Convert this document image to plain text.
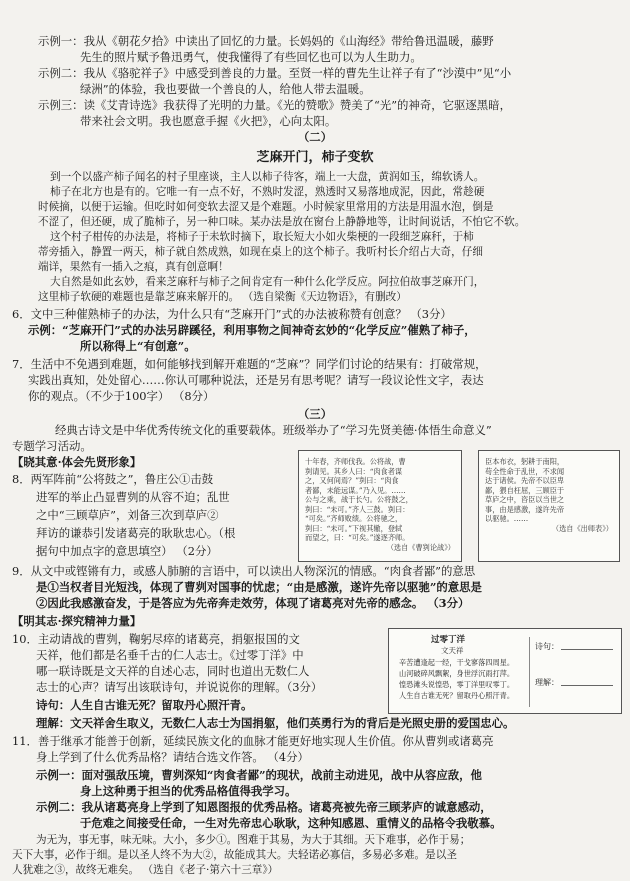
示例一：我从《朝花夕拾》中读出了回忆的力量。长妈妈的《山海经》带给鲁迅温暖，藤野
先生的照片赋予鲁迅勇气，使我懂得了有些回忆也可以为人生助力。
示例二：我从《骆驼祥子》中感受到善良的力量。至贤一样的曹先生让祥子有了“沙漠中”见“小
绿洲”的体验，我也要做一个善良的人，给他人带去温暖。
示例三：读《艾青诗选》我获得了光明的力量。《光的赞歌》赞美了“光”的神奇，它驱逐黑暗，
带来社会文明。我也愿意手握《火把》，心向太阳。
（二）
芝麻开门，柿子变软
到一个以盛产柿子闻名的村子里座谈，主人以柿子待客，端上一大盘，黄润如玉，绵软诱人。
柿子在北方也是有的。它唯一有一点不好，不熟时发涩，熟透时又易落地成泥，因此，常趁硬
时候摘，以便于运输。但吃时如何变软去涩又是个难题。小时候家里常用的方法是用温水泡，倒是
不涩了，但还硬，成了脆柿子，另一种口味。某办法是放在窗台上静静地等，让时间说话，不怕它不软。
这个村子柑传的办法是，将柿子于未软时摘下，取长短大小如火柴梗的一段细芝麻秆，于柿
蒂旁插入，静置一两天，柿子就自然成熟，如现在桌上的这个柿子。我听村长介绍占大奇，仔细
端详，果然有一插入之痕，真有创意啊！
大自然是如此玄妙，看来芝麻秆与柿子之间肯定有一种什么化学反应。阿拉伯故事芝麻开门，
这里柿子软硬的难题也是靠芝麻来解开的。 （选自梁衡《天边物语》，有删改）
6．文中三种催熟柿子的办法，为什么只有“芝麻开门”式的办法被称赞有创意？ （3分）
示例：“芝麻开门”式的办法另辟蹊径，利用事物之间神奇玄妙的“化学反应”催熟了柿子，
所以称得上“有创意”。
7．生活中不免遇到难题，如何能够找到解开难题的“芝麻”？同学们讨论的结果有：打破常规，
实践出真知，处处留心……你认可哪种说法，还是另有思考呢？请写一段议论性文字，表达
你的观点。（不少于100字） （8分）
（三）
经典古诗文是中华优秀传统文化的重要载体。班级举办了“学习先贤美德·体悟生命意义”
专题学习活动。
【晓其意·体会先贤形象】
8．两军阵前“公将鼓之”，鲁庄公①击鼓
进军的举止凸显曹刿的从容不迫；乱世
之中“三顾草庐”，刘备三次到草庐②
拜访的谦恭引发诸葛亮的耿耿忠心。（根
据句中加点字的意思填空） （2分）
十年春，齐师伐我。公将战，曹
刿请见。其乡人曰：“肉食者谋
之，又何间焉？”刿曰：“肉食
者鄙，未能远谋。”乃入见。……
公与之乘，战于长勺。公将鼓之，
刿曰：“未可。”齐人三鼓。刿曰：
“可矣。”齐师败绩。公将驰之，
刿曰：“未可。”下视其辙，登轼
而望之，曰：“可矣。”遂逐齐师。
（选自《曹刿论战》）
臣本布衣，躬耕于南阳，
苟全性命于乱世，不求闻
达于诸侯。先帝不以臣卑
鄙，猥自枉屈，三顾臣于
草庐之中，咨臣以当世之
事，由是感激，遂许先帝
以驱驰。……
（选自《出师表》）
9．从文中或铿锵有力，或感人肺腑的言语中，可以读出人物深沉的情感。“肉食者鄙”的意思
是①当权者目光短浅，体现了曹刿对国事的忧虑；“由是感激，遂许先帝以驱驰”的意思是
②因此我感激奋发，于是答应为先帝奔走效劳，体现了诸葛亮对先帝的感念。 （3分）
【明其志·探究精神力量】
10．主动请战的曹刿，鞠躬尽瘁的诸葛亮，捐躯报国的文
天祥，他们都是名垂千古的仁人志士。《过零丁洋》中
哪一联诗既是文天祥的自述心志，同时也道出无数仁人
志士的心声？请写出该联诗句，并说说你的理解。（3分）
诗句：人生自古谁无死？留取丹心照汗青。
过零丁洋
文天祥
辛苦遭逢起一经，干戈寥落四周星。
山河破碎风飘絮，身世浮沉雨打萍。
惶恐滩头说惶恐，零丁洋里叹零丁。
人生自古谁无死？留取丹心照汗青。
诗句：
理解：
理解：文天祥舍生取义，无数仁人志士为国捐躯，他们英勇行为的背后是光照史册的爱国忠心。
11．善于继承才能善于创新，延续民族文化的血脉才能更好地实现人生价值。你从曹刿或诸葛亮
身上学到了什么优秀品格？请结合选文作答。 （4分）
示例一：面对强敌压境，曹刿深知“肉食者鄙”的现状，战前主动进见，战中从容应敌，他
身上这种勇于担当的优秀品格值得我学习。
示例二：我从诸葛亮身上学到了知恩图报的优秀品格。诸葛亮被先帝三顾茅庐的诚意感动，
于危难之间接受任命，一生对先帝忠心耿耿，这种知感恩、重情义的品格令我敬慕。
为无为，事无事，味无味。大小，多少①。图难于其易，为大于其细。天下难事，必作于易；
天下大事，必作于细。是以圣人终不为大②，故能成其大。夫轻诺必寡信，多易必多难。是以圣
人犹难之③，故终无难矣。 （选自《老子·第六十三章》）
